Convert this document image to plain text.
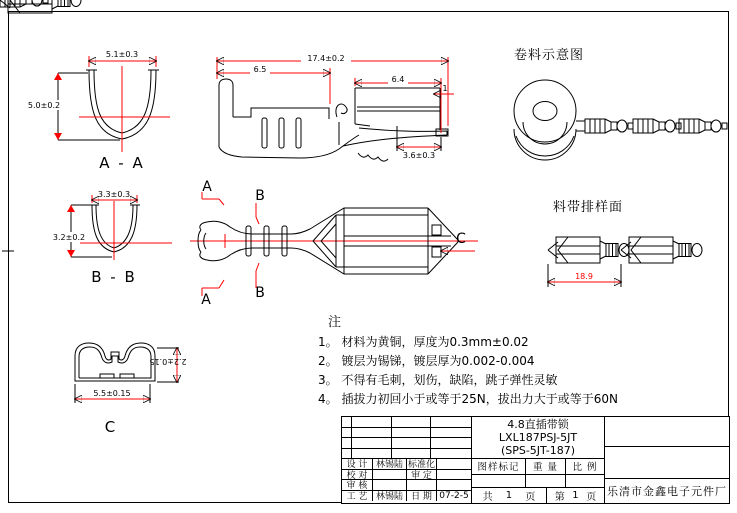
5.1±0.3
5.0±0.2
A - A
3.3±0.3
3.2±0.2
B - B
17.4±0.2
6.5
6.4
1
3.6±0.3
卷料示意图
A
B
B
A
C
料带排样面
18.9
5.5±0.15
2.2±0.15
C
注
1。 材料为黄铜，厚度为0.3mm±0.02
2。 镀层为锡锑，镀层厚为0.002-0.004
3。 不得有毛刺，划伤，缺陷，跳子弹性灵敏
4。 插拔力初回小于或等于25N，拔出力大于或等于60N
设 计 林锡陆 标准化
校 对	审 定
审 核
工 艺 林锡陆 日 期 07-2-5
4.8直插带锁
LXL187PSJ-5JT
(SPS-5JT-187)
图样标记	重 量	比 例
共 1 页 第 1 页 乐清市金鑫电子元件厂
